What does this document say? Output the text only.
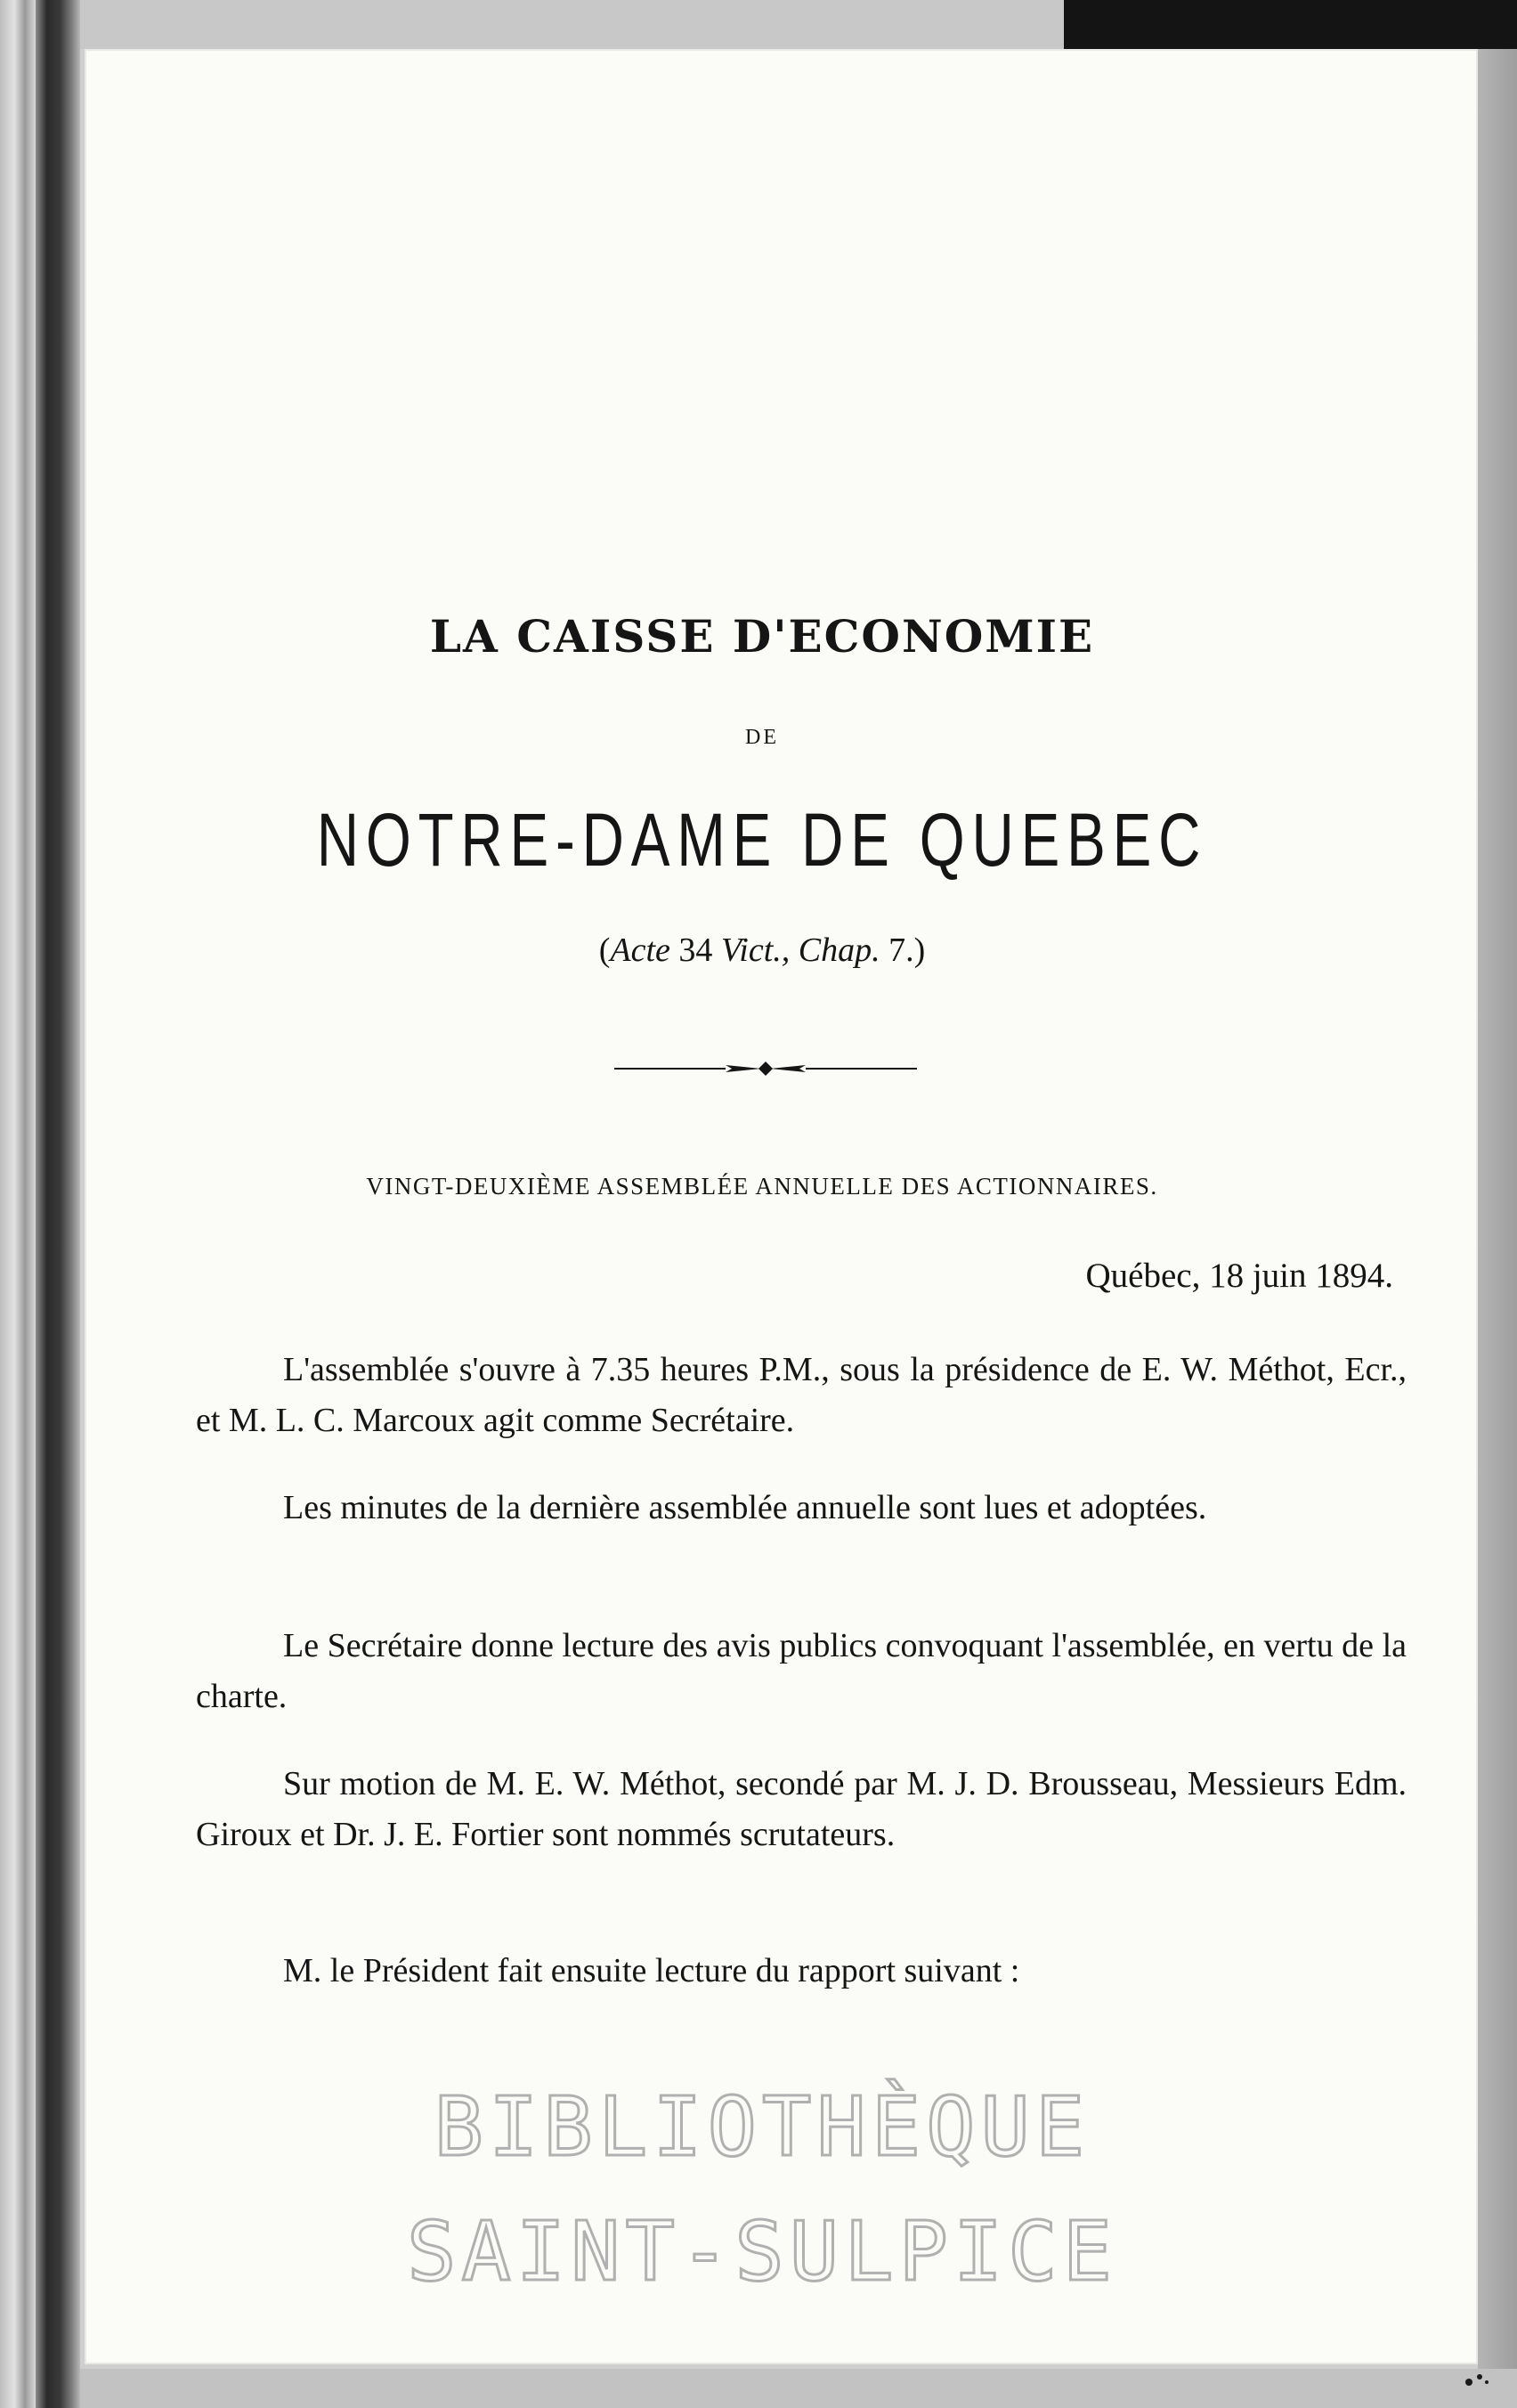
LA CAISSE D'ECONOMIE
DE
NOTRE-DAME DE QUEBEC
(Acte 34 Vict., Chap. 7.)
VINGT-DEUXIÈME ASSEMBLÉE ANNUELLE DES ACTIONNAIRES.
Québec, 18 juin 1894.

L'assemblée s'ouvre à 7.35 heures P.M., sous la présidence de E. W. Méthot, Ecr., et M. L. C. Marcoux agit comme Secrétaire.

Les minutes de la dernière assemblée annuelle sont lues et adoptées.

Le Secrétaire donne lecture des avis publics convoquant l'assemblée, en vertu de la charte.

Sur motion de M. E. W. Méthot, secondé par M. J. D. Brousseau, Messieurs Edm. Giroux et Dr. J. E. Fortier sont nommés scrutateurs.

M. le Président fait ensuite lecture du rapport suivant :

BIBLIOTHÈQUE
SAINT-SULPICE
